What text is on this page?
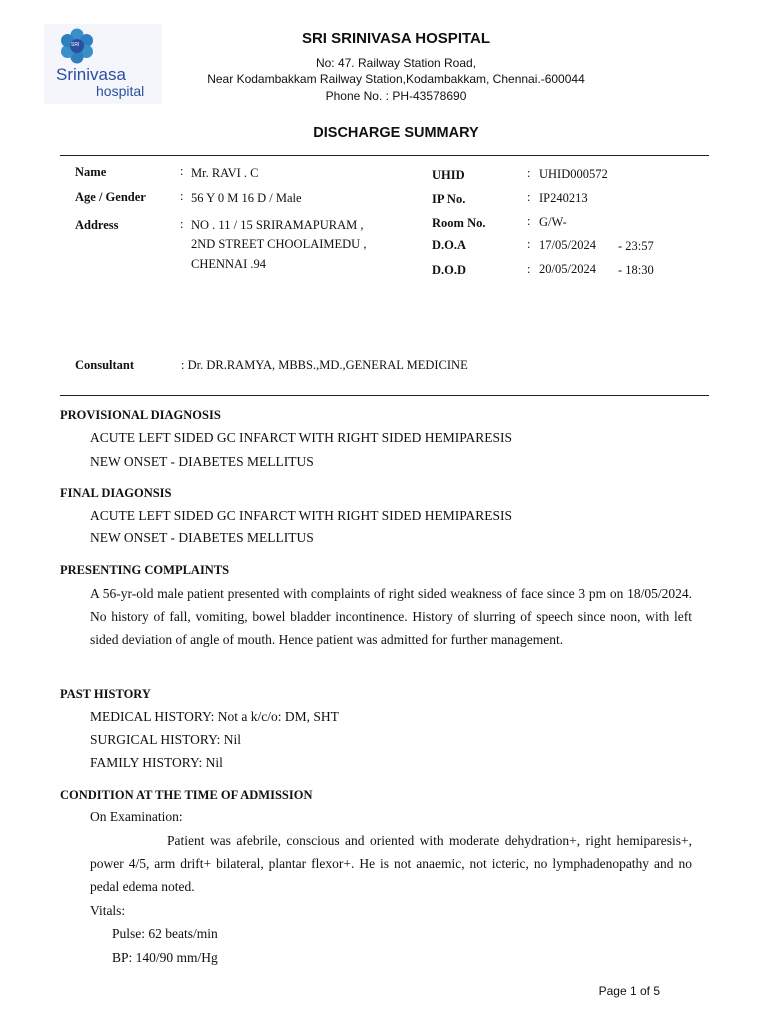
SRI
Srinivasa
hospital
SRI SRINIVASA HOSPITAL
No: 47. Railway Station Road,
Near Kodambakkam Railway Station,Kodambakkam, Chennai.-600044
Phone No. : PH-43578690
DISCHARGE SUMMARY
Name	: Mr. RAVI . C
Age / Gender	: 56 Y 0 M 16 D / Male
Address	: NO . 11 / 15 SRIRAMAPURAM ,
2ND STREET CHOOLAIMEDU ,
CHENNAI .94
UHID	: UHID000572
IP No.	: IP240213
Room No.	: G/W-
D.O.A	: 17/05/2024 - 23:57
D.O.D	: 20/05/2024 - 18:30
Consultant	: Dr. DR.RAMYA, MBBS.,MD.,GENERAL MEDICINE
PROVISIONAL DIAGNOSIS
ACUTE LEFT SIDED GC INFARCT WITH RIGHT SIDED HEMIPARESIS
NEW ONSET - DIABETES MELLITUS
FINAL DIAGONSIS
ACUTE LEFT SIDED GC INFARCT WITH RIGHT SIDED HEMIPARESIS
NEW ONSET - DIABETES MELLITUS
PRESENTING COMPLAINTS
A 56-yr-old male patient presented with complaints of right sided weakness of face since 3 pm on 18/05/2024. No history of fall, vomiting, bowel bladder incontinence. History of slurring of speech since noon, with left sided deviation of angle of mouth. Hence patient was admitted for further management.
PAST HISTORY
MEDICAL HISTORY: Not a k/c/o: DM, SHT
SURGICAL HISTORY: Nil
FAMILY HISTORY: Nil
CONDITION AT THE TIME OF ADMISSION
On Examination:
Patient was afebrile, conscious and oriented with moderate dehydration+, right hemiparesis+, power 4/5, arm drift+ bilateral, plantar flexor+. He is not anaemic, not icteric, no lymphadenopathy and no pedal edema noted.
Vitals:
Pulse: 62 beats/min
BP: 140/90 mm/Hg
Page 1 of 5
